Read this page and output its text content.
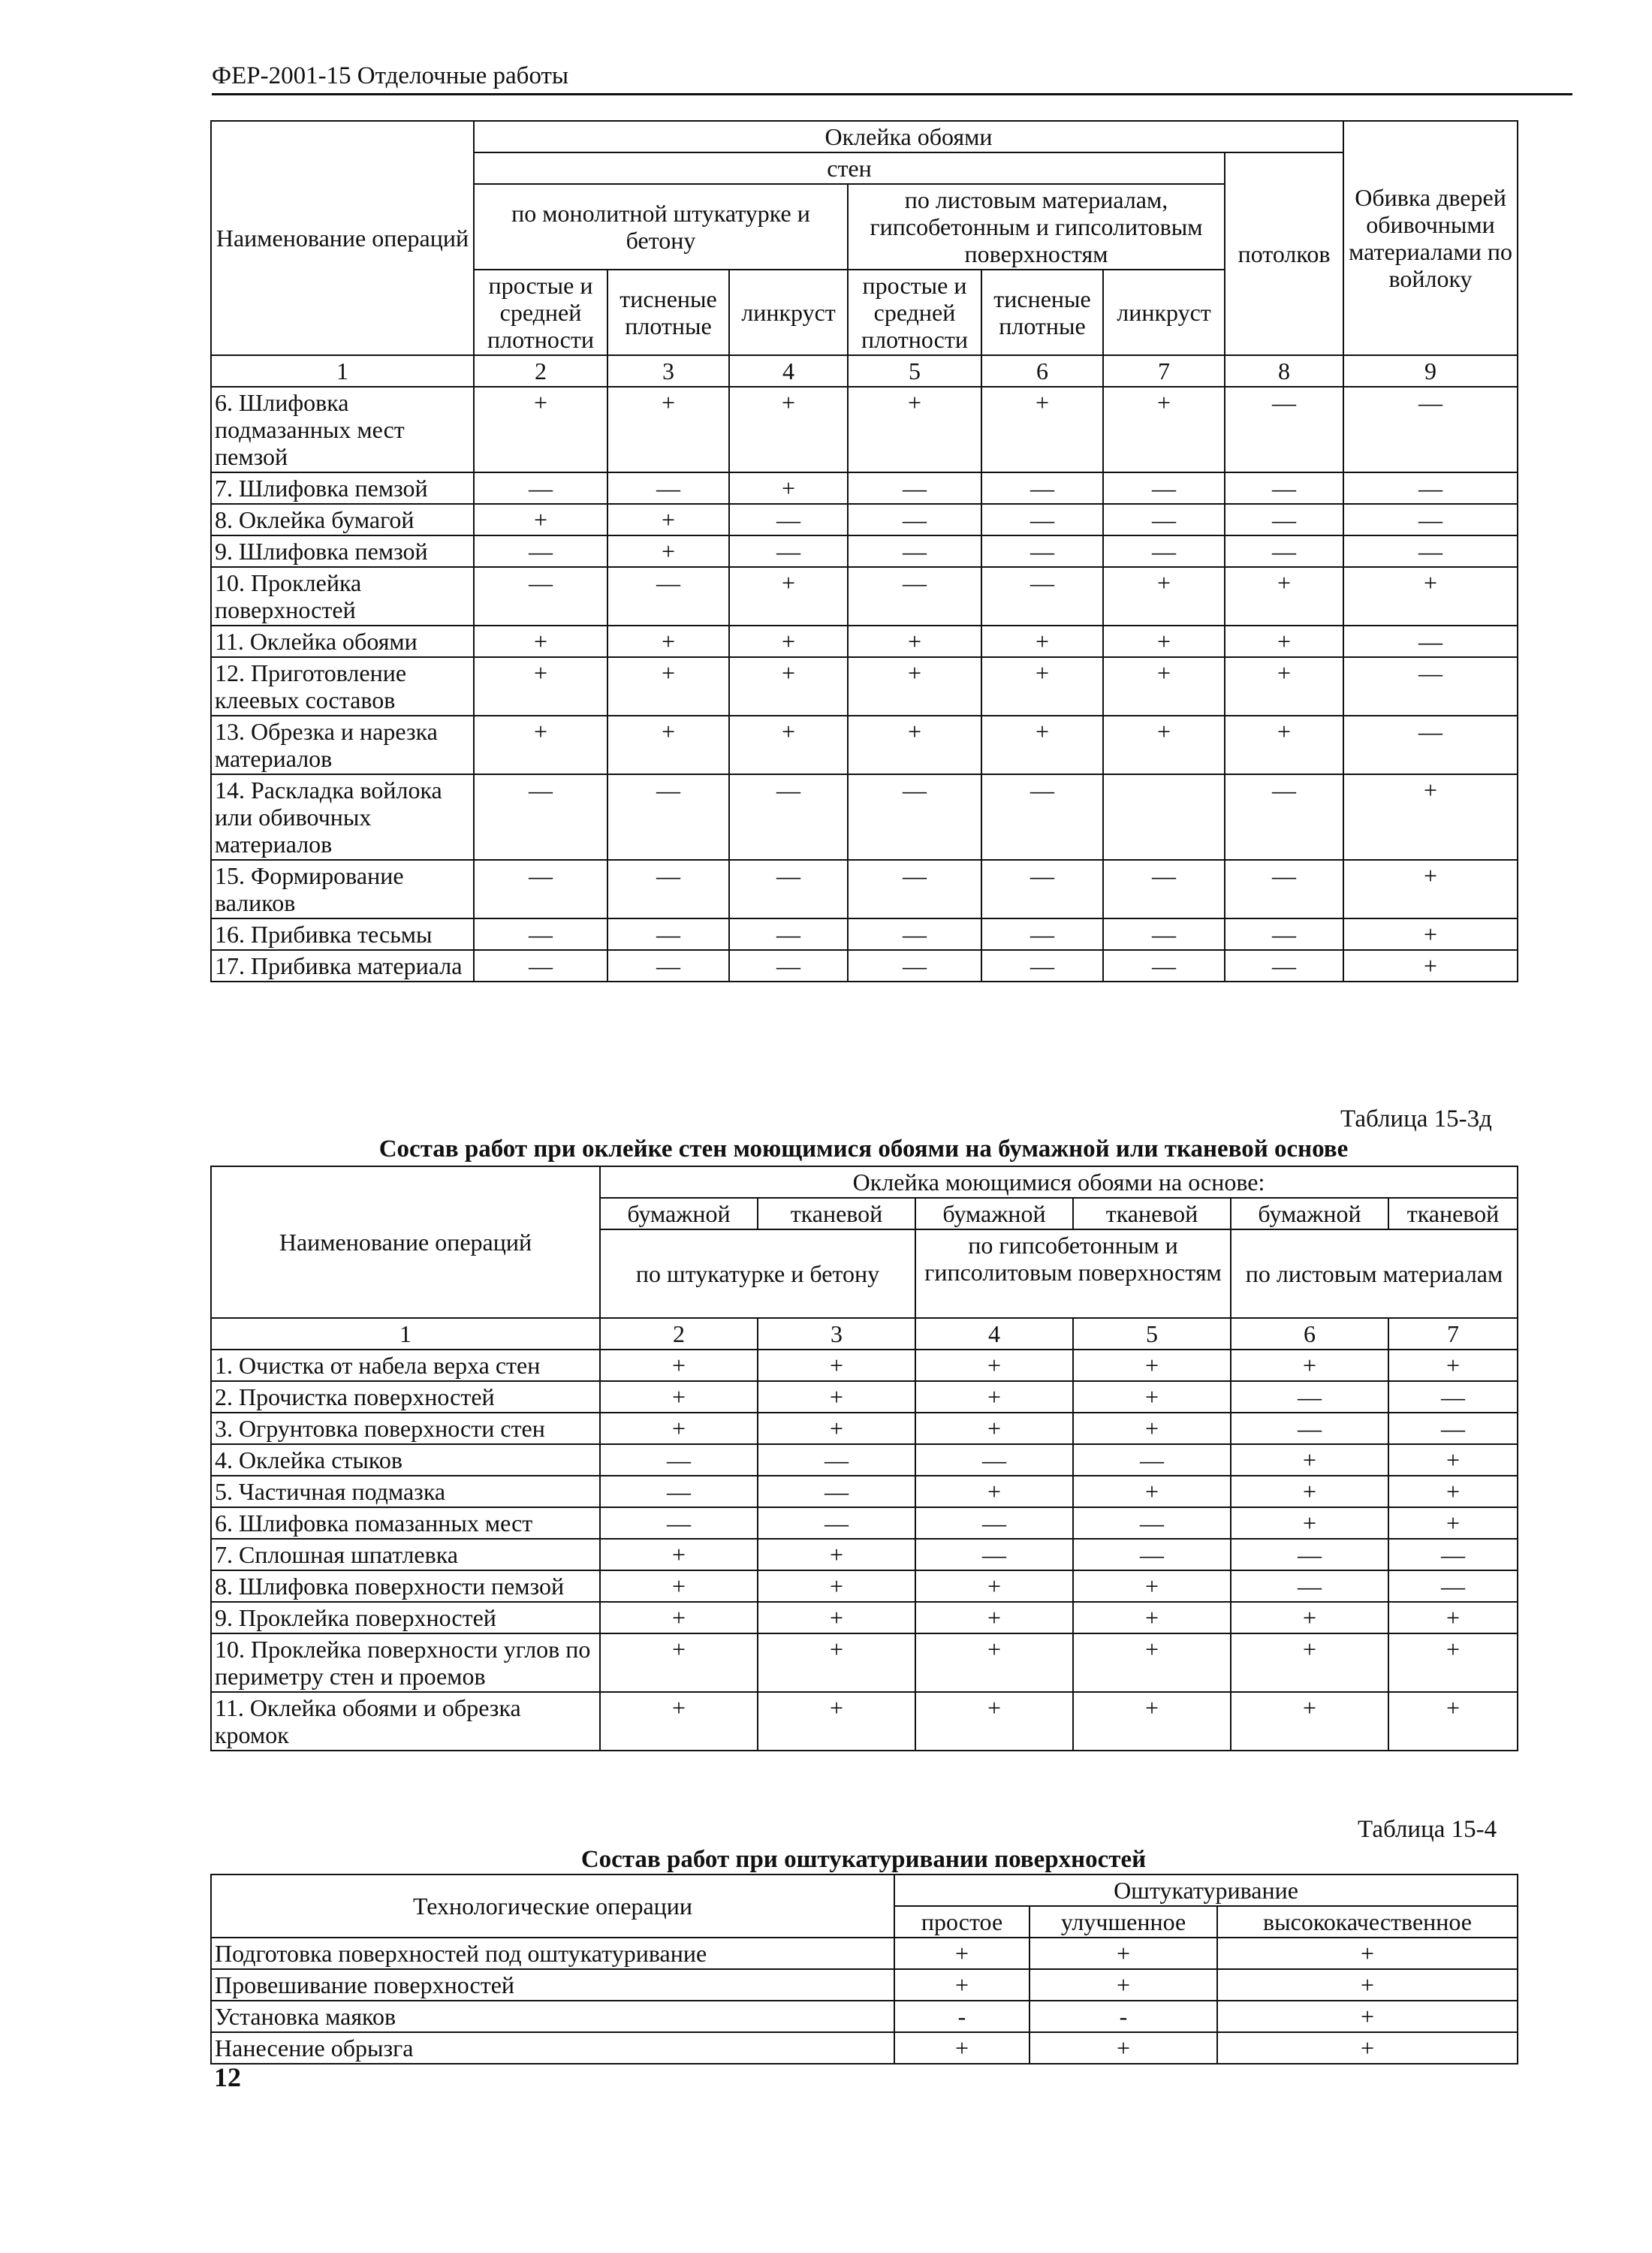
ФЕР-2001-15 Отделочные работы
Наименование операций	Оклейка обоями							Обивка дверей обивочными материалами по войлоку
	стен						потолков	
	по монолитной штукатурке и бетону			по листовым материалам, гипсобетонным и гипсолитовым поверхностям				
	простые и средней плотности	тисненые плотные	линкруст	простые и средней плотности	тисненые плотные	линкруст		
1	2	3	4	5	6	7	8	9
6. Шлифовка подмазанных мест пемзой	+	+	+	+	+	+	—	—
7. Шлифовка пемзой	—	—	+	—	—	—	—	—
8. Оклейка бумагой	+	+	—	—	—	—	—	—
9. Шлифовка пемзой	—	+	—	—	—	—	—	—
10. Проклейка поверхностей	—	—	+	—	—	+	+	+
11. Оклейка обоями	+	+	+	+	+	+	+	—
12. Приготовление клеевых составов	+	+	+	+	+	+	+	—
13. Обрезка и нарезка материалов	+	+	+	+	+	+	+	—
14. Раскладка войлока или обивочных материалов	—	—	—	—	—		—	+
15. Формирование валиков	—	—	—	—	—	—	—	+
16. Прибивка тесьмы	—	—	—	—	—	—	—	+
17. Прибивка материала	—	—	—	—	—	—	—	+
Таблица 15-3д
Состав работ при оклейке стен моющимися обоями на бумажной или тканевой основе
Наименование операций	Оклейка моющимися обоями на основе:					
	бумажной	тканевой	бумажной	тканевой	бумажной	тканевой
	по штукатурке и бетону		по гипсобетонным и гипсолитовым поверхностям		по листовым материалам	
1	2	3	4	5	6	7
1. Очистка от набела верха стен	+	+	+	+	+	+
2. Прочистка поверхностей	+	+	+	+	—	—
3. Огрунтовка поверхности стен	+	+	+	+	—	—
4. Оклейка стыков	—	—	—	—	+	+
5. Частичная подмазка	—	—	+	+	+	+
6. Шлифовка помазанных мест	—	—	—	—	+	+
7. Сплошная шпатлевка	+	+	—	—	—	—
8. Шлифовка поверхности пемзой	+	+	+	+	—	—
9. Проклейка поверхностей	+	+	+	+	+	+
10. Проклейка поверхности углов по периметру стен и проемов	+	+	+	+	+	+
11. Оклейка обоями и обрезка кромок	+	+	+	+	+	+
Таблица 15-4
Состав работ при оштукатуривании поверхностей
Технологические операции	Оштукатуривание		
	простое	улучшенное	высококачественное
Подготовка поверхностей под оштукатуривание	+	+	+
Провешивание поверхностей	+	+	+
Установка маяков	-	-	+
Нанесение обрызга	+	+	+
12
